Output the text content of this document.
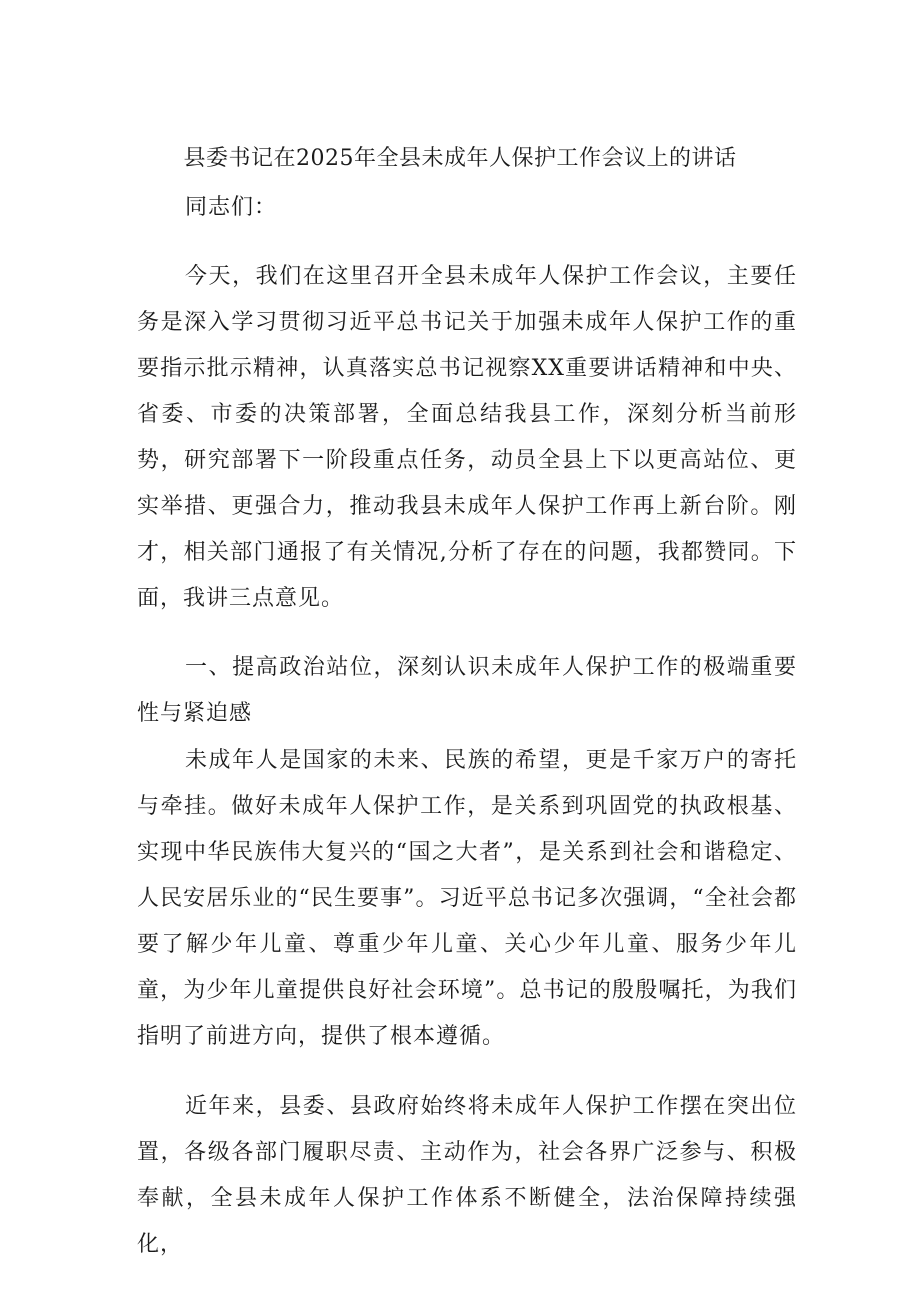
县委书记在2025年全县未成年人保护工作会议上的讲话

同志们：

今天，我们在这里召开全县未成年人保护工作会议，主要任务是深入学习贯彻习近平总书记关于加强未成年人保护工作的重要指示批示精神，认真落实总书记视察XX重要讲话精神和中央、省委、市委的决策部署，全面总结我县工作，深刻分析当前形势，研究部署下一阶段重点任务，动员全县上下以更高站位、更实举措、更强合力，推动我县未成年人保护工作再上新台阶。刚才，相关部门通报了有关情况,分析了存在的问题，我都赞同。下面，我讲三点意见。

一、提高政治站位，深刻认识未成年人保护工作的极端重要性与紧迫感

未成年人是国家的未来、民族的希望，更是千家万户的寄托与牵挂。做好未成年人保护工作，是关系到巩固党的执政根基、实现中华民族伟大复兴的“国之大者”，是关系到社会和谐稳定、人民安居乐业的“民生要事”。习近平总书记多次强调，“全社会都要了解少年儿童、尊重少年儿童、关心少年儿童、服务少年儿童，为少年儿童提供良好社会环境”。总书记的殷殷嘱托，为我们指明了前进方向，提供了根本遵循。

近年来，县委、县政府始终将未成年人保护工作摆在突出位置，各级各部门履职尽责、主动作为，社会各界广泛参与、积极奉献，全县未成年人保护工作体系不断健全，法治保障持续强化，
